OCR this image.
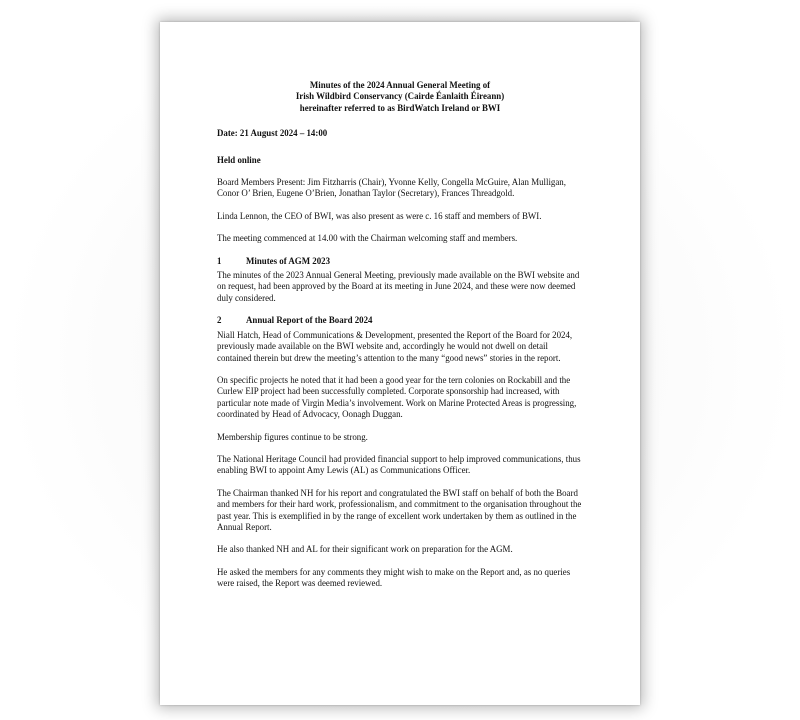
Minutes of the 2024 Annual General Meeting of
Irish Wildbird Conservancy (Cairde Éanlaith Éireann)
hereinafter referred to as BirdWatch Ireland or BWI

Date: 21 August 2024 – 14:00

Held online

Board Members Present: Jim Fitzharris (Chair), Yvonne Kelly, Congella McGuire, Alan Mulligan, Conor O’ Brien, Eugene O’Brien, Jonathan Taylor (Secretary), Frances Threadgold.

Linda Lennon, the CEO of BWI, was also present as were c. 16 staff and members of BWI.

The meeting commenced at 14.00 with the Chairman welcoming staff and members.

1	Minutes of AGM 2023

The minutes of the 2023 Annual General Meeting, previously made available on the BWI website and on request, had been approved by the Board at its meeting in June 2024, and these were now deemed duly considered.

2	Annual Report of the Board 2024

Niall Hatch, Head of Communications & Development, presented the Report of the Board for 2024, previously made available on the BWI website and, accordingly he would not dwell on detail contained therein but drew the meeting’s attention to the many “good news” stories in the report.

On specific projects he noted that it had been a good year for the tern colonies on Rockabill and the Curlew EIP project had been successfully completed. Corporate sponsorship had increased, with particular note made of Virgin Media’s involvement. Work on Marine Protected Areas is progressing, coordinated by Head of Advocacy, Oonagh Duggan.

Membership figures continue to be strong.

The National Heritage Council had provided financial support to help improved communications, thus enabling BWI to appoint Amy Lewis (AL) as Communications Officer.

The Chairman thanked NH for his report and congratulated the BWI staff on behalf of both the Board and members for their hard work, professionalism, and commitment to the organisation throughout the past year. This is exemplified in by the range of excellent work undertaken by them as outlined in the Annual Report.

He also thanked NH and AL for their significant work on preparation for the AGM.

He asked the members for any comments they might wish to make on the Report and, as no queries were raised, the Report was deemed reviewed.
